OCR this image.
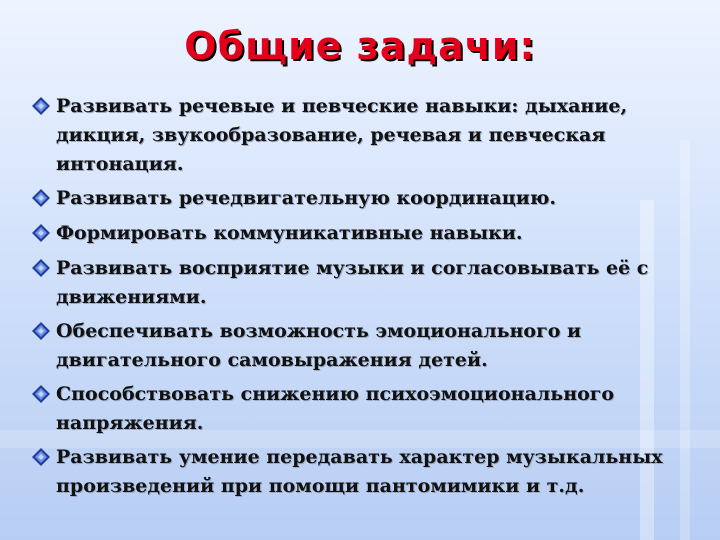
Общие задачи:
Развивать речевые и певческие навыки: дыхание, дикция, звукообразование, речевая и певческая интонация.
Развивать речедвигательную координацию.
Формировать коммуникативные навыки.
Развивать восприятие музыки и согласовывать её с движениями.
Обеспечивать возможность эмоционального и двигательного самовыражения детей.
Способствовать снижению психоэмоционального напряжения.
Развивать умение передавать характер музыкальных произведений при помощи пантомимики и т.д.
